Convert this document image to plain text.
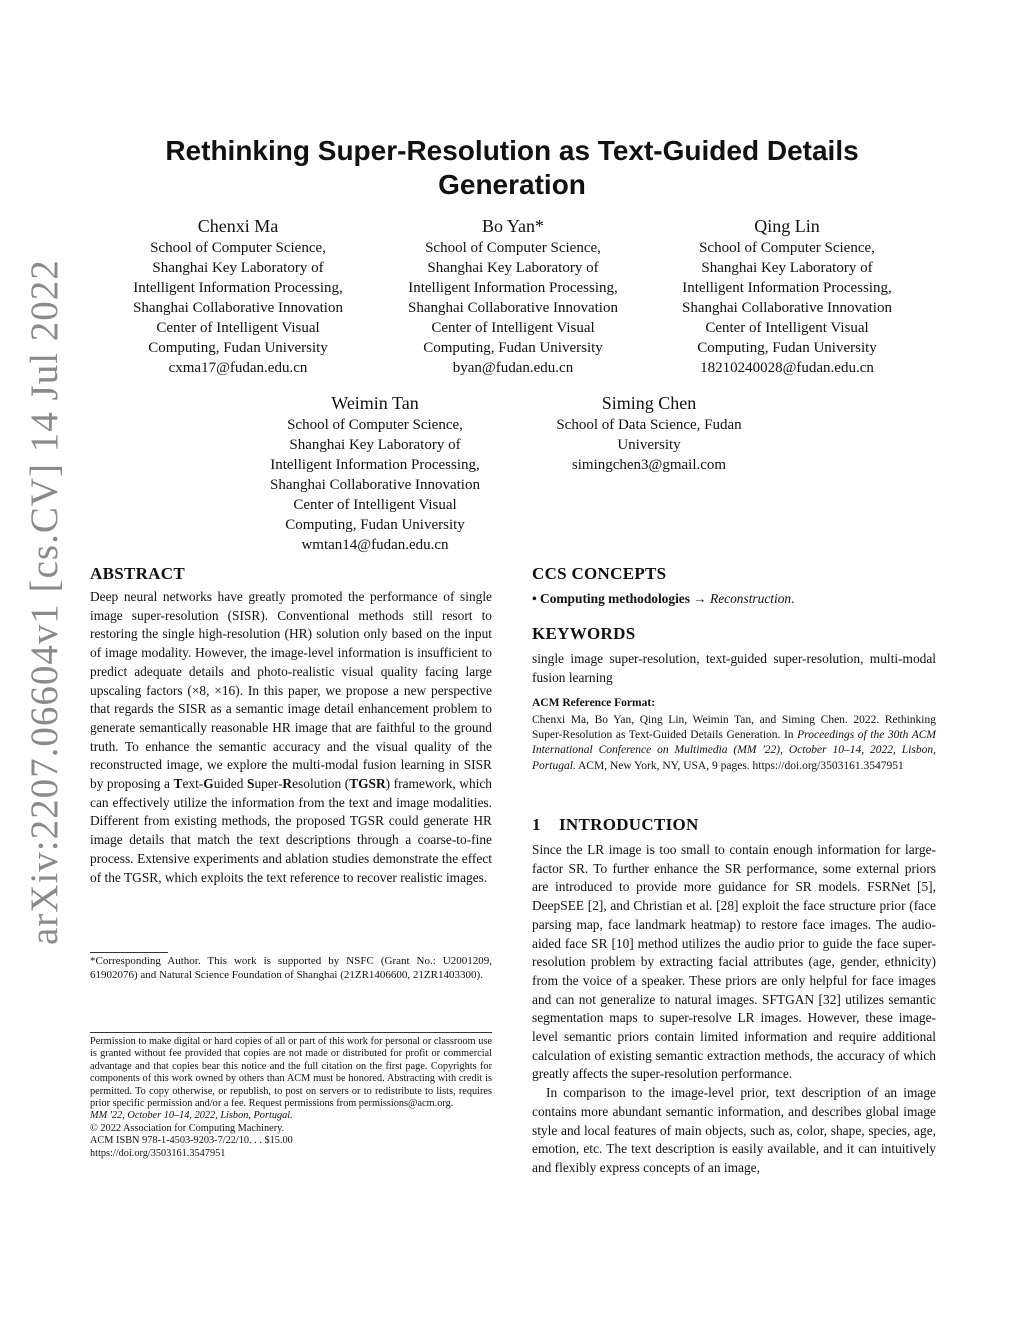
Rethinking Super-Resolution as Text-Guided Details
Generation
arXiv:2207.06604v1 [cs.CV] 14 Jul 2022
Chenxi Ma
School of Computer Science,
Shanghai Key Laboratory of
Intelligent Information Processing,
Shanghai Collaborative Innovation
Center of Intelligent Visual
Computing, Fudan University
cxma17@fudan.edu.cn
Bo Yan*
School of Computer Science,
Shanghai Key Laboratory of
Intelligent Information Processing,
Shanghai Collaborative Innovation
Center of Intelligent Visual
Computing, Fudan University
byan@fudan.edu.cn
Qing Lin
School of Computer Science,
Shanghai Key Laboratory of
Intelligent Information Processing,
Shanghai Collaborative Innovation
Center of Intelligent Visual
Computing, Fudan University
18210240028@fudan.edu.cn
Weimin Tan
School of Computer Science,
Shanghai Key Laboratory of
Intelligent Information Processing,
Shanghai Collaborative Innovation
Center of Intelligent Visual
Computing, Fudan University
wmtan14@fudan.edu.cn
Siming Chen
School of Data Science, Fudan
University
simingchen3@gmail.com
ABSTRACT
Deep neural networks have greatly promoted the performance of single image super-resolution (SISR). Conventional methods still resort to restoring the single high-resolution (HR) solution only based on the input of image modality. However, the image-level information is insufficient to predict adequate details and photo-realistic visual quality facing large upscaling factors (×8, ×16). In this paper, we propose a new perspective that regards the SISR as a semantic image detail enhancement problem to generate semantically reasonable HR image that are faithful to the ground truth. To enhance the semantic accuracy and the visual quality of the reconstructed image, we explore the multi-modal fusion learning in SISR by proposing a Text-Guided Super-Resolution (TGSR) framework, which can effectively utilize the information from the text and image modalities. Different from existing methods, the proposed TGSR could generate HR image details that match the text descriptions through a coarse-to-fine process. Extensive experiments and ablation studies demonstrate the effect of the TGSR, which exploits the text reference to recover realistic images.
*Corresponding Author. This work is supported by NSFC (Grant No.: U2001209, 61902076) and Natural Science Foundation of Shanghai (21ZR1406600, 21ZR1403300).
Permission to make digital or hard copies of all or part of this work for personal or classroom use is granted without fee provided that copies are not made or distributed for profit or commercial advantage and that copies bear this notice and the full citation on the first page. Copyrights for components of this work owned by others than ACM must be honored. Abstracting with credit is permitted. To copy otherwise, or republish, to post on servers or to redistribute to lists, requires prior specific permission and/or a fee. Request permissions from permissions@acm.org.
MM '22, October 10–14, 2022, Lisbon, Portugal.
© 2022 Association for Computing Machinery.
ACM ISBN 978-1-4503-9203-7/22/10. . . $15.00
https://doi.org/3503161.3547951
CCS CONCEPTS
• Computing methodologies → Reconstruction.
KEYWORDS
single image super-resolution, text-guided super-resolution, multi-modal fusion learning
ACM Reference Format:
Chenxi Ma, Bo Yan, Qing Lin, Weimin Tan, and Siming Chen. 2022. Rethinking Super-Resolution as Text-Guided Details Generation. In Proceedings of the 30th ACM International Conference on Multimedia (MM '22), October 10–14, 2022, Lisbon, Portugal. ACM, New York, NY, USA, 9 pages. https://doi.org/3503161.3547951
1    INTRODUCTION
Since the LR image is too small to contain enough information for large-factor SR. To further enhance the SR performance, some external priors are introduced to provide more guidance for SR models. FSRNet [5], DeepSEE [2], and Christian et al. [28] exploit the face structure prior (face parsing map, face landmark heatmap) to restore face images. The audio-aided face SR [10] method utilizes the audio prior to guide the face super-resolution problem by extracting facial attributes (age, gender, ethnicity) from the voice of a speaker. These priors are only helpful for face images and can not generalize to natural images. SFTGAN [32] utilizes semantic segmentation maps to super-resolve LR images. However, these image-level semantic priors contain limited information and require additional calculation of existing semantic extraction methods, the accuracy of which greatly affects the super-resolution performance.
In comparison to the image-level prior, text description of an image contains more abundant semantic information, and describes global image style and local features of main objects, such as, color, shape, species, age, emotion, etc. The text description is easily available, and it can intuitively and flexibly express concepts of an image,
